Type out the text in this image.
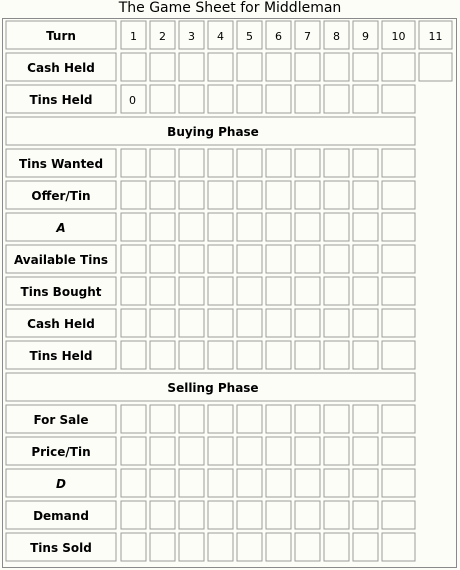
The Game Sheet for Middleman
Turn	1 2 3 4 5 6 7 8 9 10 11
Cash Held
Tins Held	0
Buying Phase
Tins Wanted
Offer/Tin
A
Available Tins
Tins Bought
Cash Held
Tins Held
Selling Phase
For Sale
Price/Tin
D
Demand
Tins Sold
